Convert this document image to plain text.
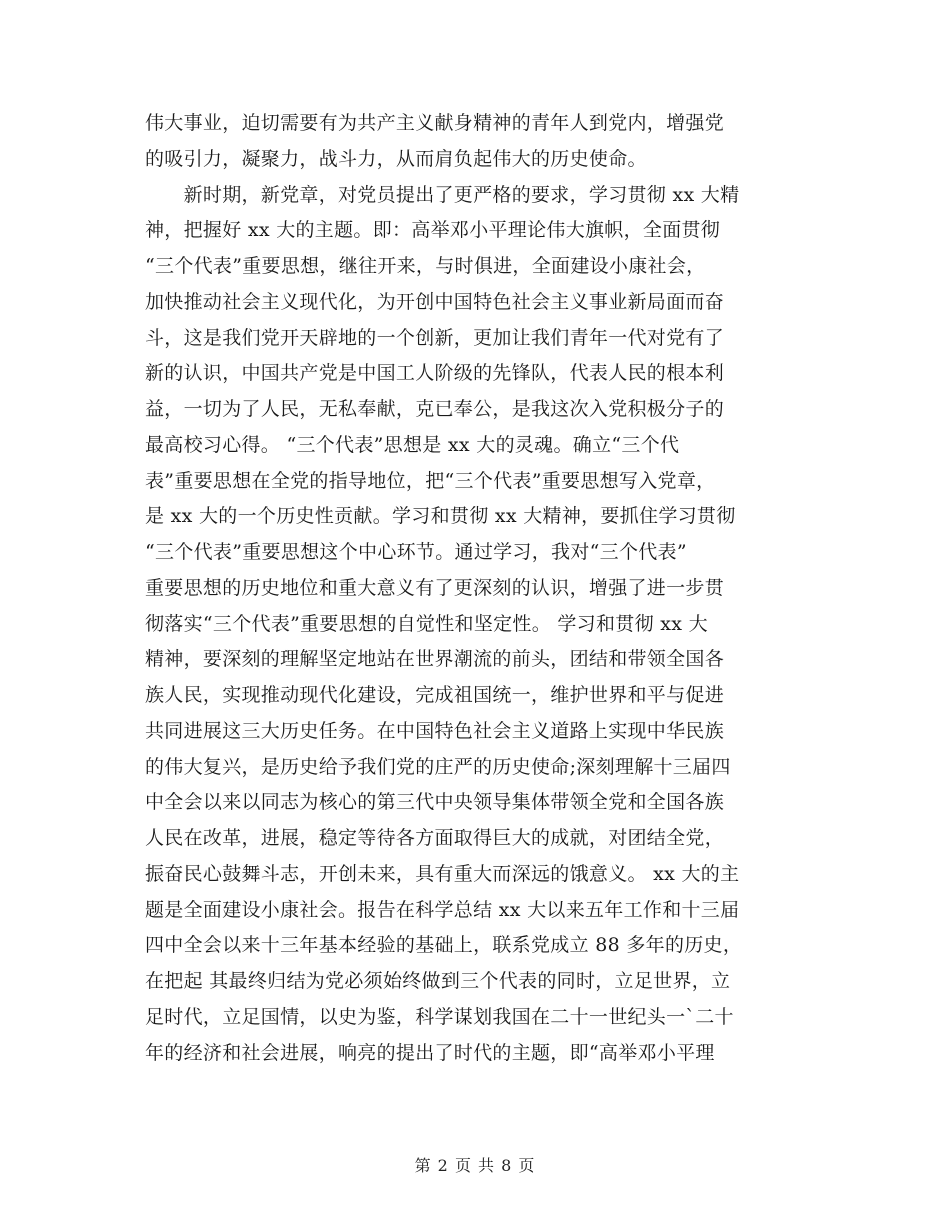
伟大事业，迫切需要有为共产主义献身精神的青年人到党内，增强党
的吸引力，凝聚力，战斗力，从而肩负起伟大的历史使命。
　　新时期，新党章，对党员提出了更严格的要求，学习贯彻 xx 大精
神，把握好 xx 大的主题。即：高举邓小平理论伟大旗帜，全面贯彻
“三个代表”重要思想，继往开来，与时俱进，全面建设小康社会，
加快推动社会主义现代化，为开创中国特色社会主义事业新局面而奋
斗，这是我们党开天辟地的一个创新，更加让我们青年一代对党有了
新的认识，中国共产党是中国工人阶级的先锋队，代表人民的根本利
益，一切为了人民，无私奉献，克已奉公，是我这次入党积极分子的
最高校习心得。 “三个代表”思想是 xx 大的灵魂。确立“三个代
表”重要思想在全党的指导地位，把“三个代表”重要思想写入党章，
是 xx 大的一个历史性贡献。学习和贯彻 xx 大精神，要抓住学习贯彻
“三个代表”重要思想这个中心环节。通过学习，我对“三个代表”
重要思想的历史地位和重大意义有了更深刻的认识，增强了进一步贯
彻落实“三个代表”重要思想的自觉性和坚定性。 学习和贯彻 xx 大
精神，要深刻的理解坚定地站在世界潮流的前头，团结和带领全国各
族人民，实现推动现代化建设，完成祖国统一，维护世界和平与促进
共同进展这三大历史任务。在中国特色社会主义道路上实现中华民族
的伟大复兴，是历史给予我们党的庄严的历史使命;深刻理解十三届四
中全会以来以同志为核心的第三代中央领导集体带领全党和全国各族
人民在改革，进展，稳定等待各方面取得巨大的成就，对团结全党，
振奋民心鼓舞斗志，开创未来，具有重大而深远的饿意义。 xx 大的主
题是全面建设小康社会。报告在科学总结 xx 大以来五年工作和十三届
四中全会以来十三年基本经验的基础上，联系党成立 88 多年的历史，
在把起 其最终归结为党必须始终做到三个代表的同时，立足世界，立
足时代，立足国情，以史为鉴，科学谋划我国在二十一世纪头一`二十
年的经济和社会进展，响亮的提出了时代的主题，即“高举邓小平理
第 2 页 共 8 页
